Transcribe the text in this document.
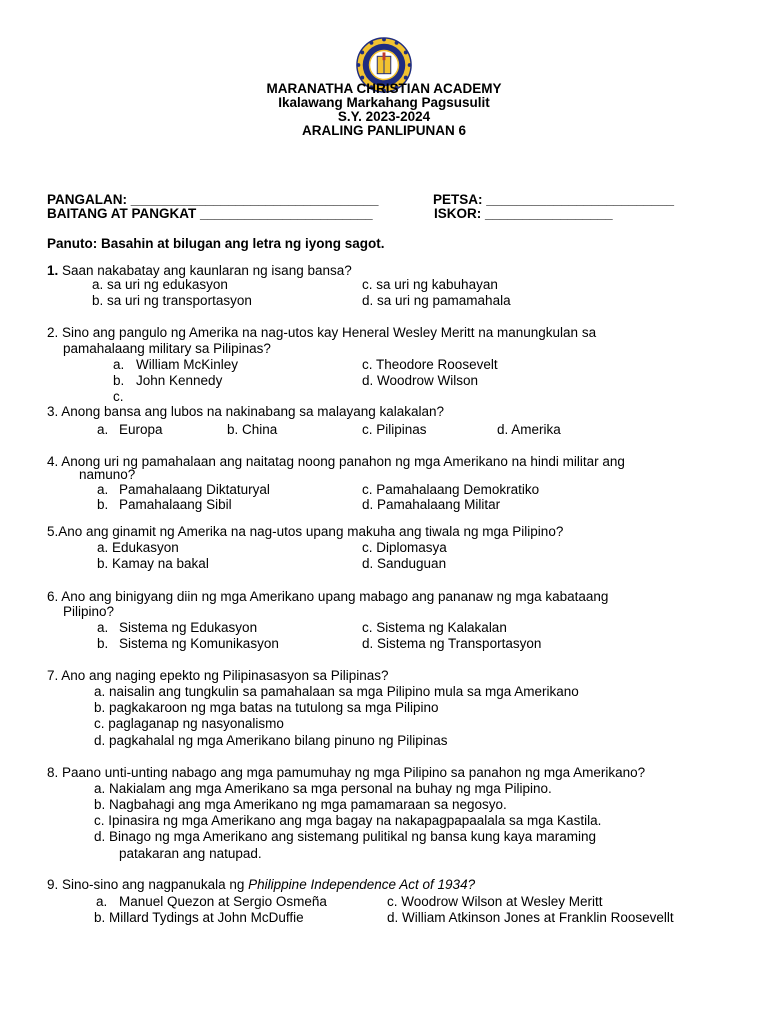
MARANATHA CHRISTIAN ACADEMY
Ikalawang Markahang Pagsusulit
S.Y. 2023-2024
ARALING PANLIPUNAN 6
PANGALAN: _________________________________	PETSA: _________________________
BAITANG AT PANGKAT _______________________	ISKOR: _________________
Panuto: Basahin at bilugan ang letra ng iyong sagot.
1. Saan nakabatay ang kaunlaran ng isang bansa?
a. sa uri ng edukasyon	c. sa uri ng kabuhayan
b. sa uri ng transportasyon	d. sa uri ng pamamahala
2. Sino ang pangulo ng Amerika na nag-utos kay Heneral Wesley Meritt na manungkulan sa
pamahalaang military sa Pilipinas?
a. William McKinley	c. Theodore Roosevelt
b. John Kennedy	d. Woodrow Wilson
c.
3. Anong bansa ang lubos na nakinabang sa malayang kalakalan?
a. Europa	b. China	c. Pilipinas	d. Amerika
4. Anong uri ng pamahalaan ang naitatag noong panahon ng mga Amerikano na hindi militar ang
namuno?
a. Pamahalaang Diktaturyal	c. Pamahalaang Demokratiko
b. Pamahalaang Sibil	d. Pamahalaang Militar
5.Ano ang ginamit ng Amerika na nag-utos upang makuha ang tiwala ng mga Pilipino?
a. Edukasyon	c. Diplomasya
b. Kamay na bakal	d. Sanduguan
6. Ano ang binigyang diin ng mga Amerikano upang mabago ang pananaw ng mga kabataang
Pilipino?
a. Sistema ng Edukasyon	c. Sistema ng Kalakalan
b. Sistema ng Komunikasyon	d. Sistema ng Transportasyon
7. Ano ang naging epekto ng Pilipinasasyon sa Pilipinas?
a. naisalin ang tungkulin sa pamahalaan sa mga Pilipino mula sa mga Amerikano
b. pagkakaroon ng mga batas na tutulong sa mga Pilipino
c. paglaganap ng nasyonalismo
d. pagkahalal ng mga Amerikano bilang pinuno ng Pilipinas
8. Paano unti-unting nabago ang mga pamumuhay ng mga Pilipino sa panahon ng mga Amerikano?
a. Nakialam ang mga Amerikano sa mga personal na buhay ng mga Pilipino.
b. Nagbahagi ang mga Amerikano ng mga pamamaraan sa negosyo.
c. Ipinasira ng mga Amerikano ang mga bagay na nakapagpapaalala sa mga Kastila.
d. Binago ng mga Amerikano ang sistemang pulitikal ng bansa kung kaya maraming
patakaran ang natupad.
9. Sino-sino ang nagpanukala ng Philippine Independence Act of 1934?
a. Manuel Quezon at Sergio Osmeña	c. Woodrow Wilson at Wesley Meritt
b. Millard Tydings at John McDuffie	d. William Atkinson Jones at Franklin Roosevellt
